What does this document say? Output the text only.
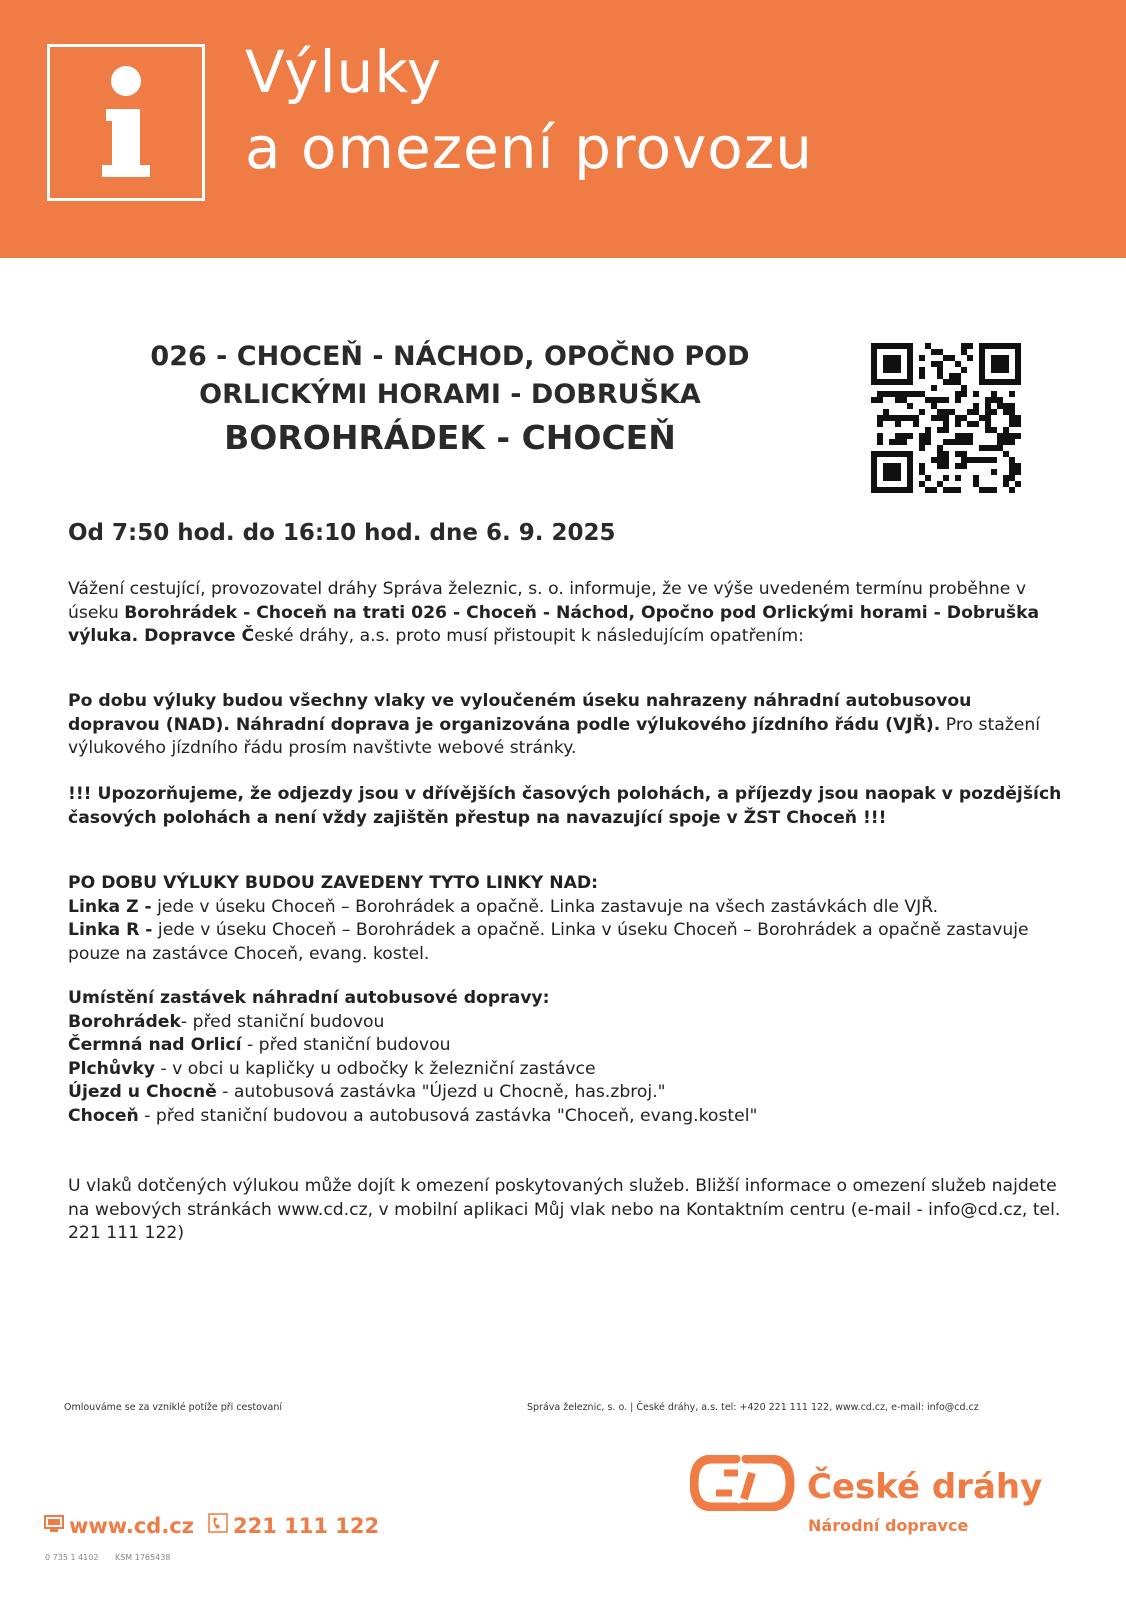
Výluky
a omezení provozu
026 - CHOCEŇ - NÁCHOD, OPOČNO POD
ORLICKÝMI HORAMI - DOBRUŠKA
BOROHRÁDEK - CHOCEŇ
Od 7:50 hod. do 16:10 hod. dne 6. 9. 2025
Vážení cestující, provozovatel dráhy Správa železnic, s. o. informuje, že ve výše uvedeném termínu proběhne v úseku Borohrádek - Choceň na trati 026 - Choceň - Náchod, Opočno pod Orlickými horami - Dobruška výluka. Dopravce České dráhy, a.s. proto musí přistoupit k následujícím opatřením:
Po dobu výluky budou všechny vlaky ve vyloučeném úseku nahrazeny náhradní autobusovou dopravou (NAD). Náhradní doprava je organizována podle výlukového jízdního řádu (VJŘ). Pro stažení výlukového jízdního řádu prosím navštivte webové stránky.
!!! Upozorňujeme, že odjezdy jsou v dřívějších časových polohách, a příjezdy jsou naopak v pozdějších časových polohách a není vždy zajištěn přestup na navazující spoje v ŽST Choceň !!!
PO DOBU VÝLUKY BUDOU ZAVEDENY TYTO LINKY NAD:
Linka Z - jede v úseku Choceň – Borohrádek a opačně. Linka zastavuje na všech zastávkách dle VJŘ.
Linka R - jede v úseku Choceň – Borohrádek a opačně. Linka v úseku Choceň – Borohrádek a opačně zastavuje pouze na zastávce Choceň, evang. kostel.
Umístění zastávek náhradní autobusové dopravy:
Borohrádek- před staniční budovou
Čermná nad Orlicí - před staniční budovou
Plchůvky - v obci u kapličky u odbočky k železniční zastávce
Újezd u Chocně - autobusová zastávka "Újezd u Chocně, has.zbroj."
Choceň - před staniční budovou a autobusová zastávka "Choceň, evang.kostel"
U vlaků dotčených výlukou může dojít k omezení poskytovaných služeb. Bližší informace o omezení služeb najdete na webových stránkách www.cd.cz, v mobilní aplikaci Můj vlak nebo na Kontaktním centru (e-mail - info@cd.cz, tel. 221 111 122)
Omlouváme se za vzniklé potíže při cestovaní	Správa železnic, s. o. | České dráhy, a.s. tel: +420 221 111 122, www.cd.cz, e-mail: info@cd.cz
České dráhy
Národní dopravce
www.cd.cz 221 111 122
0 735 1 4102 KSM 1765438
